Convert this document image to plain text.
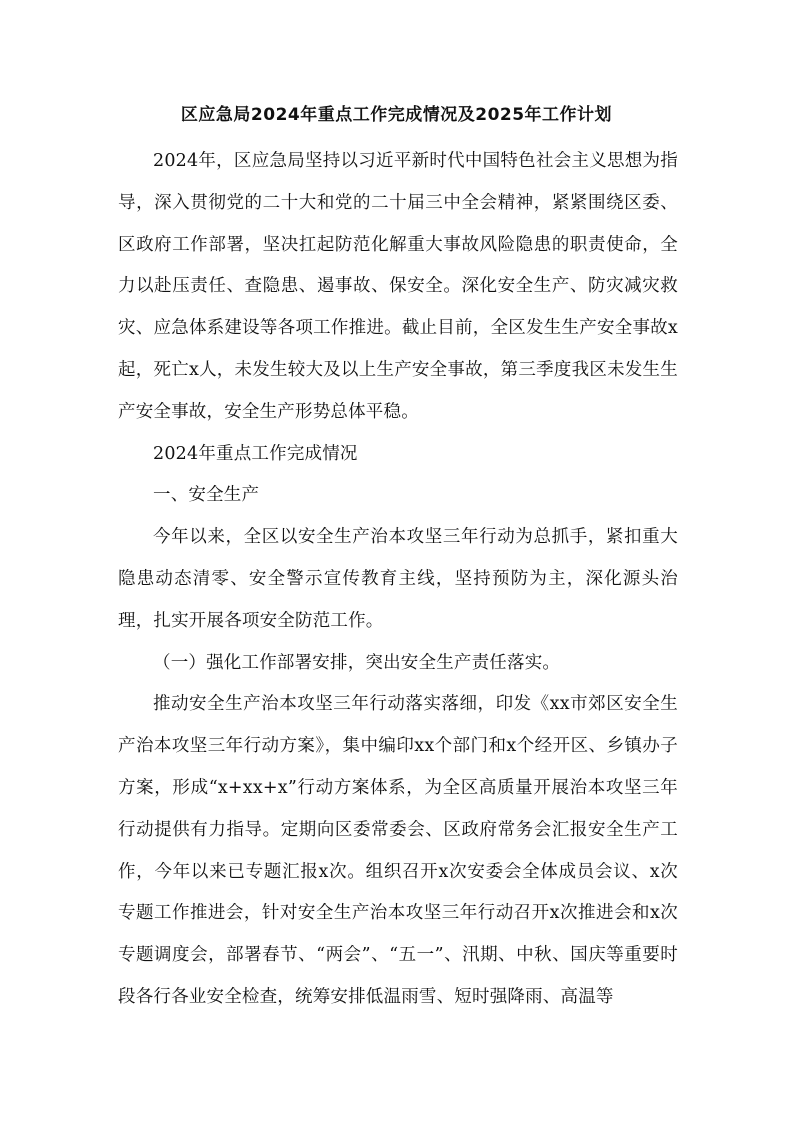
区应急局2024年重点工作完成情况及2025年工作计划

2024年，区应急局坚持以习近平新时代中国特色社会主义思想为指导，深入贯彻党的二十大和党的二十届三中全会精神，紧紧围绕区委、区政府工作部署，坚决扛起防范化解重大事故风险隐患的职责使命，全力以赴压责任、查隐患、遏事故、保安全。深化安全生产、防灾减灾救灾、应急体系建设等各项工作推进。截止目前，全区发生生产安全事故x起，死亡x人，未发生较大及以上生产安全事故，第三季度我区未发生生产安全事故，安全生产形势总体平稳。

2024年重点工作完成情况

一、安全生产

今年以来，全区以安全生产治本攻坚三年行动为总抓手，紧扣重大隐患动态清零、安全警示宣传教育主线，坚持预防为主，深化源头治理，扎实开展各项安全防范工作。

（一）强化工作部署安排，突出安全生产责任落实。

推动安全生产治本攻坚三年行动落实落细，印发《xx市郊区安全生产治本攻坚三年行动方案》，集中编印xx个部门和x个经开区、乡镇办子方案，形成“x+xx+x”行动方案体系，为全区高质量开展治本攻坚三年行动提供有力指导。定期向区委常委会、区政府常务会汇报安全生产工作，今年以来已专题汇报x次。组织召开x次安委会全体成员会议、x次专题工作推进会，针对安全生产治本攻坚三年行动召开x次推进会和x次专题调度会，部署春节、“两会”、“五一”、汛期、中秋、国庆等重要时段各行各业安全检查，统筹安排低温雨雪、短时强降雨、高温等
